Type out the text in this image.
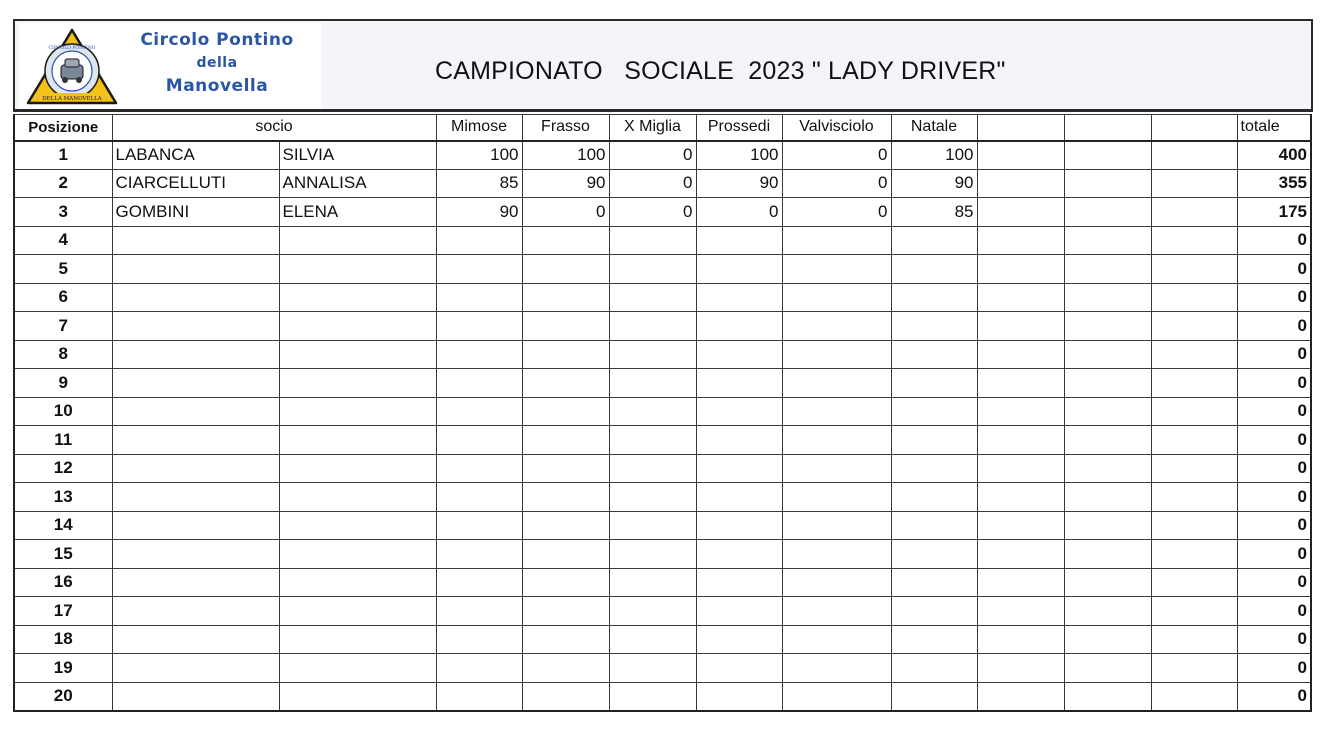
DELLA MANOVELLA
CIRCOLO PONTINO	Circolo Pontino
della
Manovella
CAMPIONATO   SOCIALE  2023 " LADY DRIVER"
Posizione	socio		Mimose	Frasso	X Miglia	Prossedi	Valvisciolo	Natale				totale
1	LABANCA	SILVIA	100	100	0	100	0	100				400
2	CIARCELLUTI	ANNALISA	85	90	0	90	0	90				355
3	GOMBINI	ELENA	90	0	0	0	0	85				175
4												0
5												0
6												0
7												0
8												0
9												0
10												0
11												0
12												0
13												0
14												0
15												0
16												0
17												0
18												0
19												0
20												0
